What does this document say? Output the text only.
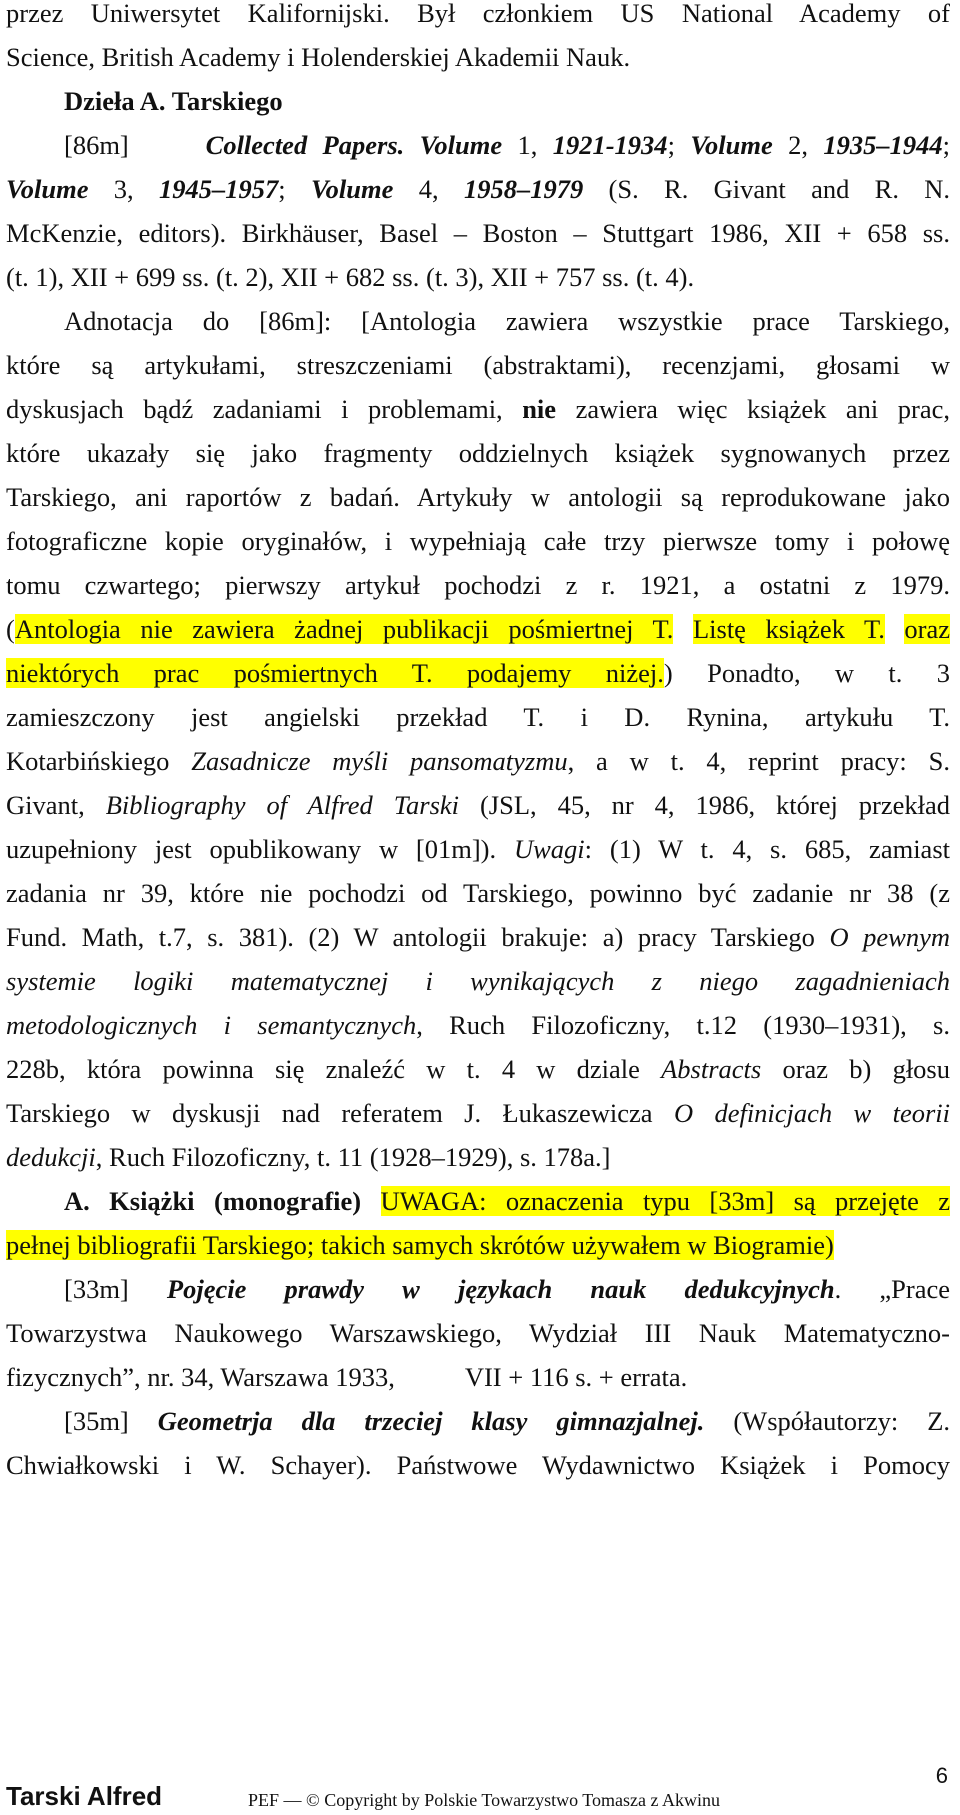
przez Uniwersytet Kalifornijski. Był członkiem US National Academy of
Science, British Academy i Holenderskiej Akademii Nauk.
Dzieła A. Tarskiego
[86m]	Collected Papers. Volume 1, 1921-1934; Volume 2, 1935–1944;
Volume 3, 1945–1957; Volume 4, 1958–1979 (S. R. Givant and R. N.
McKenzie, editors). Birkhäuser, Basel – Boston – Stuttgart 1986, XII + 658 ss.
(t. 1), XII + 699 ss. (t. 2), XII + 682 ss. (t. 3), XII + 757 ss. (t. 4).
Adnotacja do [86m]: [Antologia zawiera wszystkie prace Tarskiego,
które są artykułami, streszczeniami (abstraktami), recenzjami, głosami w
dyskusjach bądź zadaniami i problemami, nie zawiera więc książek ani prac,
które ukazały się jako fragmenty oddzielnych książek sygnowanych przez
Tarskiego, ani raportów z badań. Artykuły w antologii są reprodukowane jako
fotograficzne kopie oryginałów, i wypełniają całe trzy pierwsze tomy i połowę
tomu czwartego; pierwszy artykuł pochodzi z r. 1921, a ostatni z 1979.
(Antologia nie zawiera żadnej publikacji pośmiertnej T. Listę książek T. oraz
niektórych prac pośmiertnych T. podajemy niżej.) Ponadto, w t. 3
zamieszczony jest angielski przekład T. i D. Rynina, artykułu T.
Kotarbińskiego Zasadnicze myśli pansomatyzmu, a w t. 4, reprint pracy: S.
Givant, Bibliography of Alfred Tarski (JSL, 45, nr 4, 1986, której przekład
uzupełniony jest opublikowany w [01m]). Uwagi: (1) W t. 4, s. 685, zamiast
zadania nr 39, które nie pochodzi od Tarskiego, powinno być zadanie nr 38 (z
Fund. Math, t.7, s. 381). (2) W antologii brakuje: a) pracy Tarskiego O pewnym
systemie logiki matematycznej i wynikających z niego zagadnieniach
metodologicznych i semantycznych, Ruch Filozoficzny, t.12 (1930–1931), s.
228b, która powinna się znaleźć w t. 4 w dziale Abstracts oraz b) głosu
Tarskiego w dyskusji nad referatem J. Łukaszewicza O definicjach w teorii
dedukcji, Ruch Filozoficzny, t. 11 (1928–1929), s. 178a.]
A. Książki (monografie) UWAGA: oznaczenia typu [33m] są przejęte z
pełnej bibliografii Tarskiego; takich samych skrótów używałem w Biogramie)
[33m] Pojęcie prawdy w językach nauk dedukcyjnych. „Prace
Towarzystwa Naukowego Warszawskiego, Wydział III Nauk Matematyczno-
fizycznych”, nr. 34, Warszawa 1933,	VII + 116 s. + errata.
[35m] Geometrja dla trzeciej klasy gimnazjalnej. (Współautorzy: Z.
Chwiałkowski i W. Schayer). Państwowe Wydawnictwo Książek i Pomocy
Tarski Alfred	PEF — © Copyright by Polskie Towarzystwo Tomasza z Akwinu
6
